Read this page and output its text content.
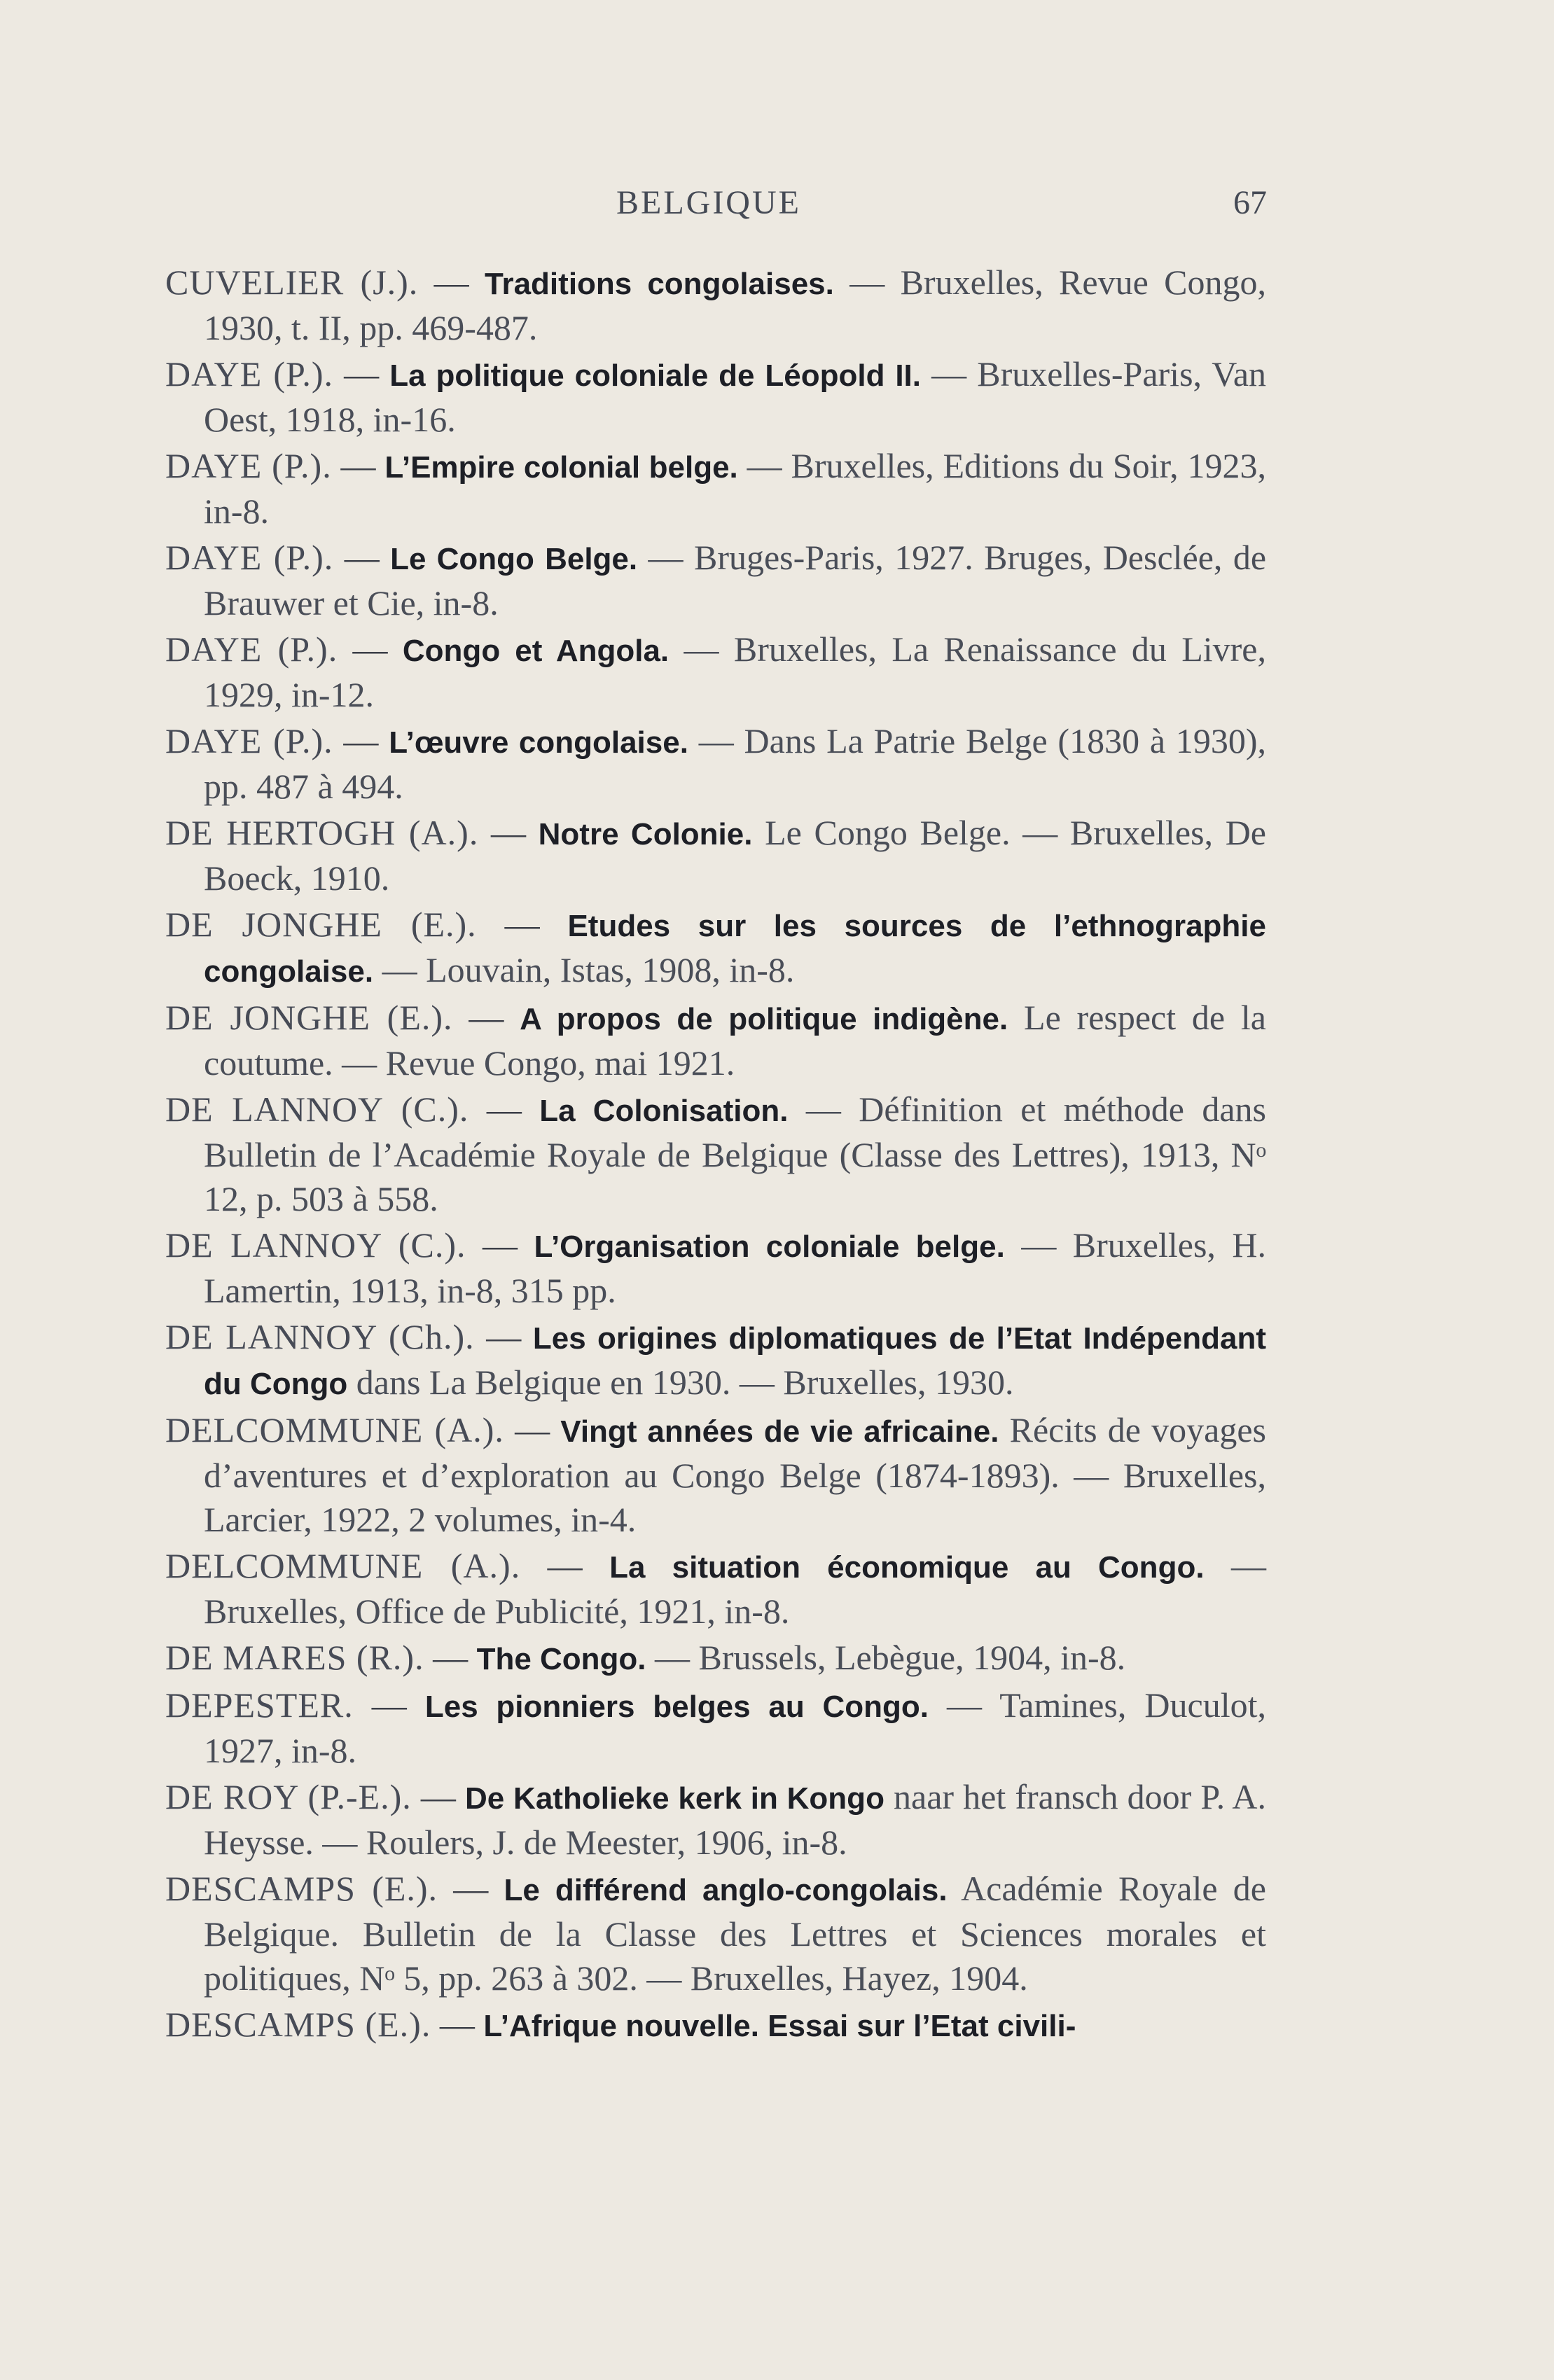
BELGIQUE	67

CUVELIER (J.). — Traditions congolaises. — Bruxelles, Revue Congo, 1930, t. II, pp. 469-487.

DAYE (P.). — La politique coloniale de Léopold II. — Bruxelles-Paris, Van Oest, 1918, in-16.

DAYE (P.). — L’Empire colonial belge. — Bruxelles, Editions du Soir, 1923, in-8.

DAYE (P.). — Le Congo Belge. — Bruges-Paris, 1927. Bruges, Desclée, de Brauwer et Cie, in-8.

DAYE (P.). — Congo et Angola. — Bruxelles, La Renaissance du Livre, 1929, in-12.

DAYE (P.). — L’œuvre congolaise. — Dans La Patrie Belge (1830 à 1930), pp. 487 à 494.

DE HERTOGH (A.). — Notre Colonie. Le Congo Belge. — Bruxelles, De Boeck, 1910.

DE JONGHE (E.). — Etudes sur les sources de l’ethnographie congolaise. — Louvain, Istas, 1908, in-8.

DE JONGHE (E.). — A propos de politique indigène. Le respect de la coutume. — Revue Congo, mai 1921.

DE LANNOY (C.). — La Colonisation. — Définition et méthode dans Bulletin de l’Académie Royale de Belgique (Classe des Lettres), 1913, Nᵒ 12, p. 503 à 558.

DE LANNOY (C.). — L’Organisation coloniale belge. — Bruxelles, H. Lamertin, 1913, in-8, 315 pp.

DE LANNOY (Ch.). — Les origines diplomatiques de l’Etat Indépendant du Congo dans La Belgique en 1930. — Bruxelles, 1930.

DELCOMMUNE (A.). — Vingt années de vie africaine. Récits de voyages d’aventures et d’exploration au Congo Belge (1874-1893). — Bruxelles, Larcier, 1922, 2 volumes, in-4.

DELCOMMUNE (A.). — La situation économique au Congo. — Bruxelles, Office de Publicité, 1921, in-8.

DE MARES (R.). — The Congo. — Brussels, Lebègue, 1904, in-8.

DEPESTER. — Les pionniers belges au Congo. — Tamines, Duculot, 1927, in-8.

DE ROY (P.-E.). — De Katholieke kerk in Kongo naar het fransch door P. A. Heysse. — Roulers, J. de Meester, 1906, in-8.

DESCAMPS (E.). — Le différend anglo-congolais. Académie Royale de Belgique. Bulletin de la Classe des Lettres et Sciences morales et politiques, Nᵒ 5, pp. 263 à 302. — Bruxelles, Hayez, 1904.

DESCAMPS (E.). — L’Afrique nouvelle. Essai sur l’Etat civili-
